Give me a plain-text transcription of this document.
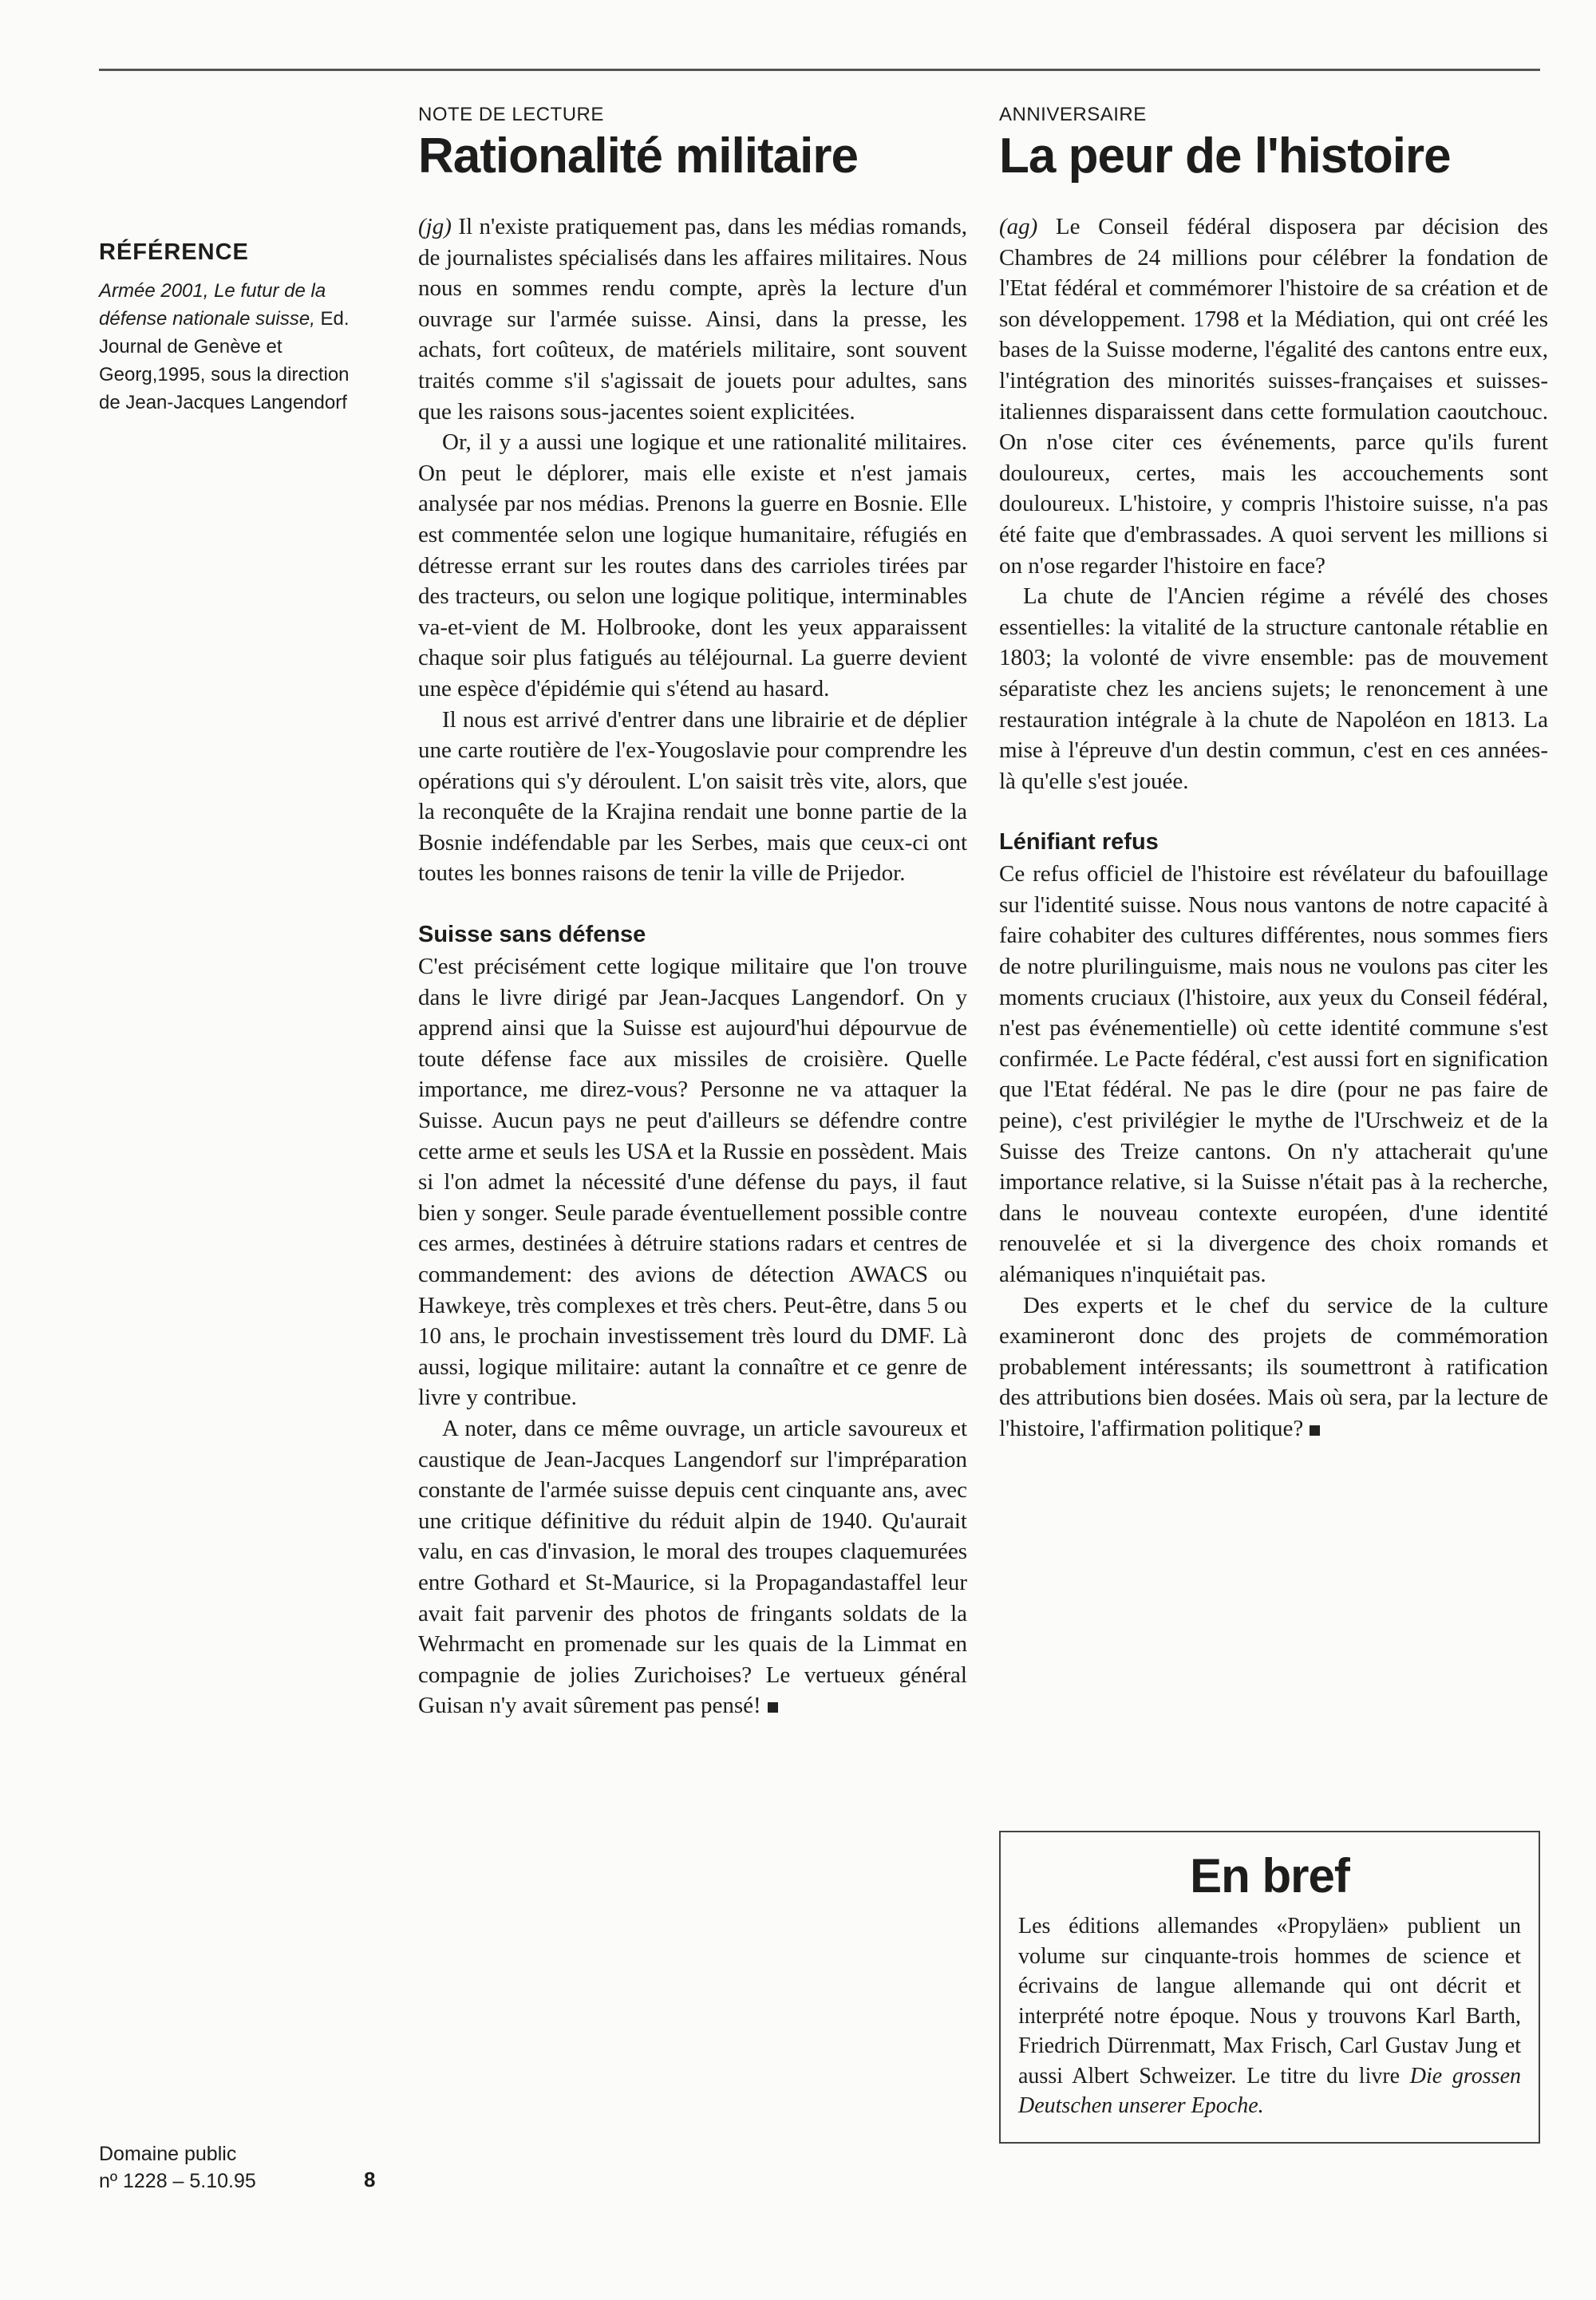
RÉFÉRENCE
Armée 2001, Le futur de la défense nationale suisse, Ed. Journal de Genève et Georg,1995, sous la direction de Jean-Jacques Langendorf
Domaine public
nº 1228 – 5.10.95	8

NOTE DE LECTURE

Rationalité militaire

(jg) Il n'existe pratiquement pas, dans les médias romands, de journalistes spécialisés dans les affaires militaires. Nous nous en sommes rendu compte, après la lecture d'un ouvrage sur l'armée suisse. Ainsi, dans la presse, les achats, fort coûteux, de matériels militaire, sont souvent traités comme s'il s'agissait de jouets pour adultes, sans que les raisons sous-jacentes soient explicitées.

Or, il y a aussi une logique et une rationalité militaires. On peut le déplorer, mais elle existe et n'est jamais analysée par nos médias. Prenons la guerre en Bosnie. Elle est commentée selon une logique humanitaire, réfugiés en détresse errant sur les routes dans des carrioles tirées par des tracteurs, ou selon une logique politique, interminables va-et-vient de M. Holbrooke, dont les yeux apparaissent chaque soir plus fatigués au téléjournal. La guerre devient une espèce d'épidémie qui s'étend au hasard.

Il nous est arrivé d'entrer dans une librairie et de déplier une carte routière de l'ex-Yougoslavie pour comprendre les opérations qui s'y déroulent. L'on saisit très vite, alors, que la reconquête de la Krajina rendait une bonne partie de la Bosnie indéfendable par les Serbes, mais que ceux-ci ont toutes les bonnes raisons de tenir la ville de Prijedor.

Suisse sans défense

C'est précisément cette logique militaire que l'on trouve dans le livre dirigé par Jean-Jacques Langendorf. On y apprend ainsi que la Suisse est aujourd'hui dépourvue de toute défense face aux missiles de croisière. Quelle importance, me direz-vous? Personne ne va attaquer la Suisse. Aucun pays ne peut d'ailleurs se défendre contre cette arme et seuls les USA et la Russie en possèdent. Mais si l'on admet la nécessité d'une défense du pays, il faut bien y songer. Seule parade éventuellement possible contre ces armes, destinées à détruire stations radars et centres de commandement: des avions de détection AWACS ou Hawkeye, très complexes et très chers. Peut-être, dans 5 ou 10 ans, le prochain investissement très lourd du DMF. Là aussi, logique militaire: autant la connaître et ce genre de livre y contribue.

A noter, dans ce même ouvrage, un article savoureux et caustique de Jean-Jacques Langendorf sur l'impréparation constante de l'armée suisse depuis cent cinquante ans, avec une critique définitive du réduit alpin de 1940. Qu'aurait valu, en cas d'invasion, le moral des troupes claquemurées entre Gothard et St-Maurice, si la Propagandastaffel leur avait fait parvenir des photos de fringants soldats de la Wehrmacht en promenade sur les quais de la Limmat en compagnie de jolies Zurichoises? Le vertueux général Guisan n'y avait sûrement pas pensé!

ANNIVERSAIRE

La peur de l'histoire

(ag) Le Conseil fédéral disposera par décision des Chambres de 24 millions pour célébrer la fondation de l'Etat fédéral et commémorer l'histoire de sa création et de son développement. 1798 et la Médiation, qui ont créé les bases de la Suisse moderne, l'égalité des cantons entre eux, l'intégration des minorités suisses-françaises et suisses-italiennes disparaissent dans cette formulation caoutchouc. On n'ose citer ces événements, parce qu'ils furent douloureux, certes, mais les accouchements sont douloureux. L'histoire, y compris l'histoire suisse, n'a pas été faite que d'embrassades. A quoi servent les millions si on n'ose regarder l'histoire en face?

La chute de l'Ancien régime a révélé des choses essentielles: la vitalité de la structure cantonale rétablie en 1803; la volonté de vivre ensemble: pas de mouvement séparatiste chez les anciens sujets; le renoncement à une restauration intégrale à la chute de Napoléon en 1813. La mise à l'épreuve d'un destin commun, c'est en ces années-là qu'elle s'est jouée.

Lénifiant refus

Ce refus officiel de l'histoire est révélateur du bafouillage sur l'identité suisse. Nous nous vantons de notre capacité à faire cohabiter des cultures différentes, nous sommes fiers de notre plurilinguisme, mais nous ne voulons pas citer les moments cruciaux (l'histoire, aux yeux du Conseil fédéral, n'est pas événementielle) où cette identité commune s'est confirmée. Le Pacte fédéral, c'est aussi fort en signification que l'Etat fédéral. Ne pas le dire (pour ne pas faire de peine), c'est privilégier le mythe de l'Urschweiz et de la Suisse des Treize cantons. On n'y attacherait qu'une importance relative, si la Suisse n'était pas à la recherche, dans le nouveau contexte européen, d'une identité renouvelée et si la divergence des choix romands et alémaniques n'inquiétait pas.

Des experts et le chef du service de la culture examineront donc des projets de commémoration probablement intéressants; ils soumettront à ratification des attributions bien dosées. Mais où sera, par la lecture de l'histoire, l'affirmation politique?

En bref

Les éditions allemandes «Propyläen» publient un volume sur cinquante-trois hommes de science et écrivains de langue allemande qui ont décrit et interprété notre époque. Nous y trouvons Karl Barth, Friedrich Dürrenmatt, Max Frisch, Carl Gustav Jung et aussi Albert Schweizer. Le titre du livre Die grossen Deutschen unserer Epoche.
